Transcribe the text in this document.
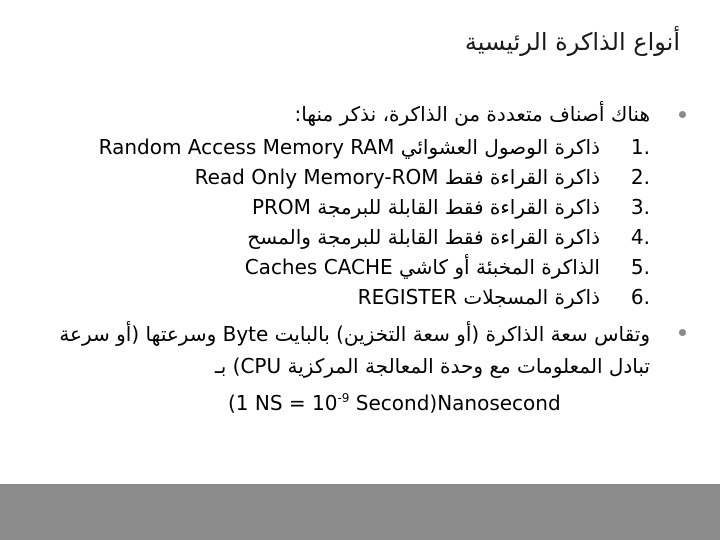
أنواع الذاكرة الرئيسية
هناك أصناف متعددة من الذاكرة، نذكر منها:
1.
ذاكرة الوصول العشوائي Random Access Memory RAM
2.
ذاكرة القراءة فقط Read Only Memory-ROM
3.
ذاكرة القراءة فقط القابلة للبرمجة PROM
4.
ذاكرة القراءة فقط القابلة للبرمجة والمسح
5.
الذاكرة المخبئة أو كاشي Caches CACHE
6.
ذاكرة المسجلات REGISTER
وتقاس سعة الذاكرة (أو سعة التخزين) بالبايت Byte وسرعتها (أو سرعة تبادل المعلومات مع وحدة المعالجة المركزية CPU) بـ
(1 NS = $10^{-9}$ Second)Nanosecond
